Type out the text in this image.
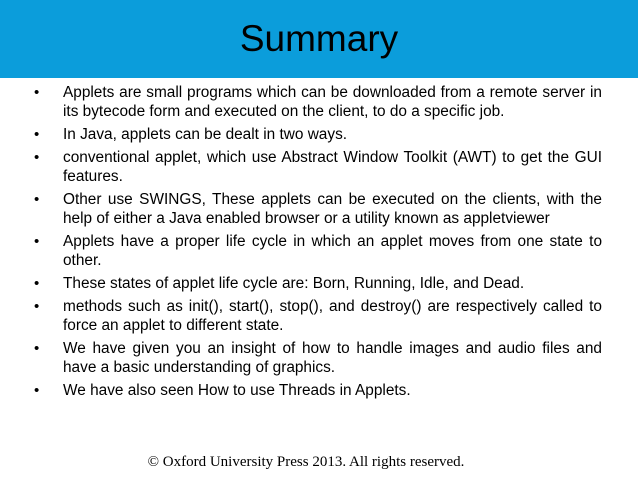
Summary
•	Applets are small programs which can be downloaded from a remote server in its bytecode form and executed on the client, to do a specific job.
•	In Java, applets can be dealt in two ways.
•	conventional applet, which use Abstract Window Toolkit (AWT) to get the GUI features.
•	Other use SWINGS, These applets can be executed on the clients, with the help of either a Java enabled browser or a utility known as appletviewer
•	Applets have a proper life cycle in which an applet moves from one state to other.
•	These states of applet life cycle are: Born, Running, Idle, and Dead.
•	methods such as init(), start(), stop(), and destroy() are respectively called to force an applet to different state.
•	We have given you an insight of how to handle images and audio files and have a basic understanding of graphics.
•	We have also seen How to use Threads in Applets.
© Oxford University Press 2013. All rights reserved.
